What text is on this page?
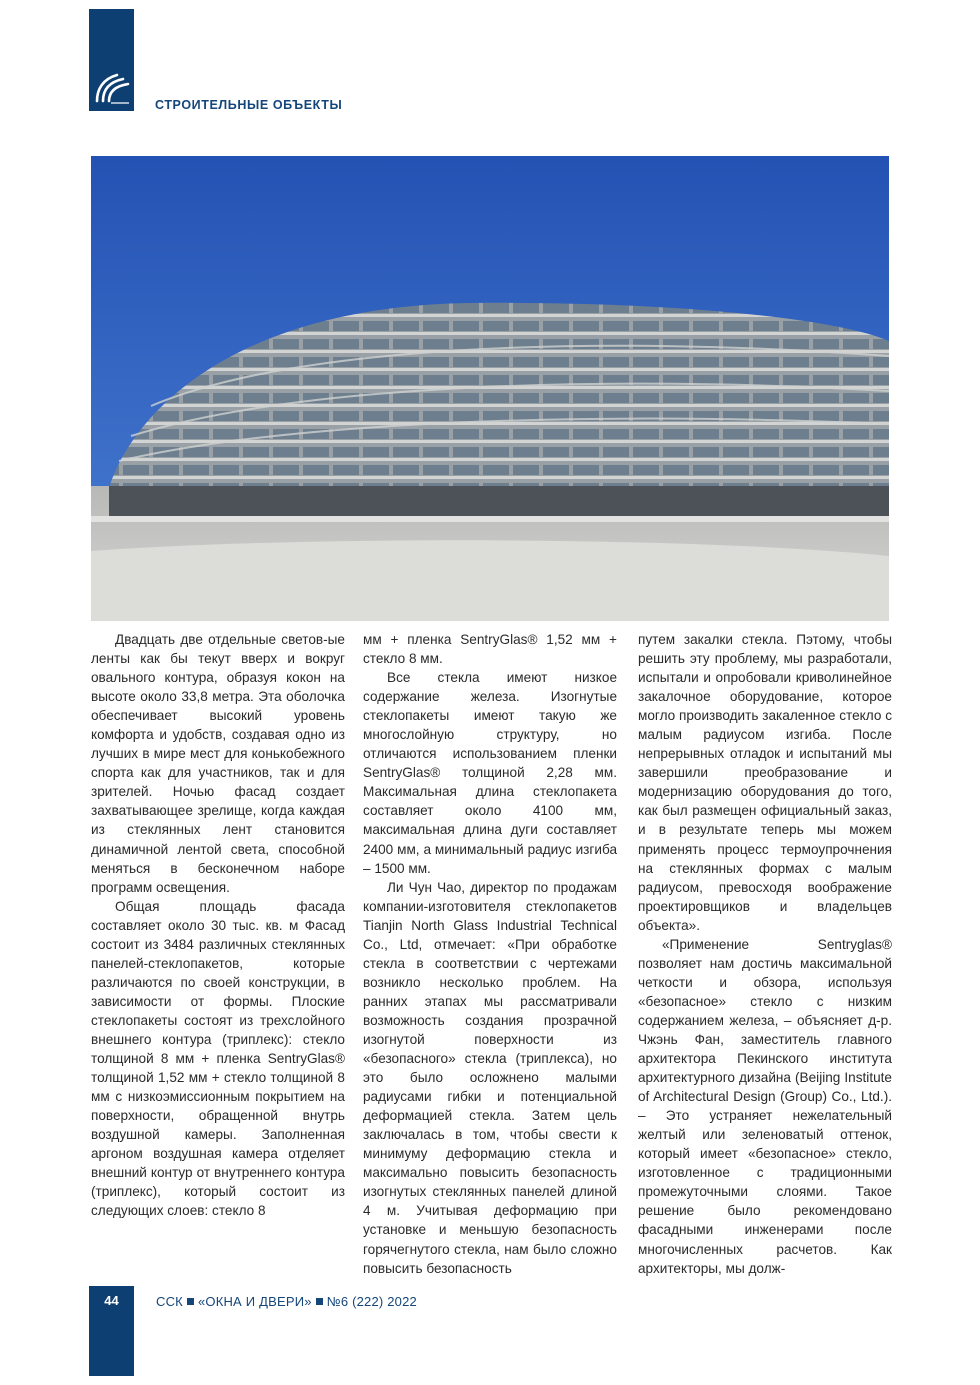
СТРОИТЕЛЬНЫЕ ОБЪЕКТЫ

Двадцать две отдельные светов-ые ленты как бы текут вверх и вокруг овального контура, образуя кокон на высоте около 33,8 метра. Эта оболочка обеспечивает высокий уровень комфорта и удобств, создавая одно из лучших в мире мест для конькобежного спорта как для участников, так и для зрителей. Ночью фасад создает захватывающее зрелище, когда каждая из стеклянных лент становится динамичной лентой света, способной меняться в бесконечном наборе программ освещения.

Общая площадь фасада составляет около 30 тыс. кв. м Фасад состоит из 3484 различных стеклянных панелей-стеклопакетов, которые различаются по своей конструкции, в зависимости от формы. Плоские стеклопакеты состоят из трехслойного внешнего контура (триплекс): стекло толщиной 8 мм + пленка SentryGlas® толщиной 1,52 мм + стекло толщиной 8 мм с низкоэмиссионным покрытием на поверхности, обращенной внутрь воздушной камеры. Заполненная аргоном воздушная камера отделяет внешний контур от внутреннего контура (триплекс), который состоит из следующих слоев: стекло 8

мм + пленка SentryGlas® 1,52 мм + стекло 8 мм.

Все стекла имеют низкое содержание железа. Изогнутые стеклопакеты имеют такую же многослойную структуру, но отличаются использованием пленки SentryGlas® толщиной 2,28 мм. Максимальная длина стеклопакета составляет около 4100 мм, максимальная длина дуги составляет 2400 мм, а минимальный радиус изгиба – 1500 мм.

Ли Чун Чао, директор по продажам компании-изготовителя стеклопакетов Tianjin North Glass Industrial Technical Co., Ltd, отмечает: «При обработке стекла в соответствии с чертежами возникло несколько проблем. На ранних этапах мы рассматривали возможность создания прозрачной изогнутой поверхности из «безопасного» стекла (триплекса), но это было осложнено малыми радиусами гибки и потенциальной деформацией стекла. Затем цель заключалась в том, чтобы свести к минимуму деформацию стекла и максимально повысить безопасность изогнутых стеклянных панелей длиной 4 м. Учитывая деформацию при установке и меньшую безопасность горячегнутого стекла, нам было сложно повысить безопасность

путем закалки стекла. Пэтому, чтобы решить эту проблему, мы разработали, испытали и опробовали криволинейное закалочное оборудование, которое могло производить закаленное стекло с малым радиусом изгиба. После непрерывных отладок и испытаний мы завершили преобразование и модернизацию оборудования до того, как был размещен официальный заказ, и в результате теперь мы можем применять процесс термоупрочнения на стеклянных формах с малым радиусом, превосходя воображение проектировщиков и владельцев объекта».

«Применение Sentryglas® позволяет нам достичь максимальной четкости и обзора, используя «безопасное» стекло с низким содержанием железа, – объясняет д-р. Чжэнь Фан, заместитель главного архитектора Пекинского института архитектурного дизайна (Beijing Institute of Architectural Design (Group) Co., Ltd.). – Это устраняет нежелательный желтый или зеленоватый оттенок, который имеет «безопасное» стекло, изготовленное с традиционными промежуточными слоями. Такое решение было рекомендовано фасадными инженерами после многочисленных расчетов. Как архитекторы, мы долж-

44	ССК «ОКНА И ДВЕРИ» №6 (222) 2022
